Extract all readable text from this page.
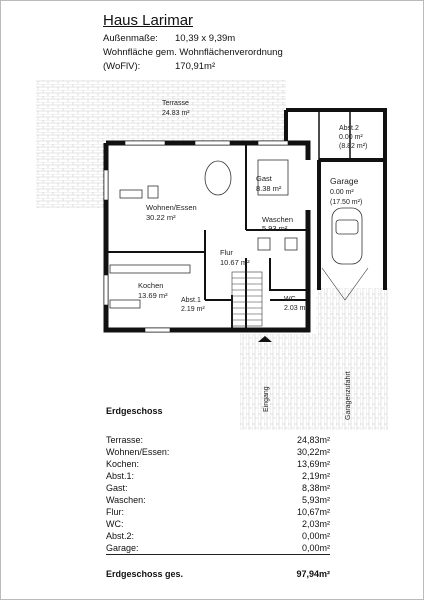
Haus Larimar
Außenmaße: 10,39 x 9,39m
Wohnfläche gem. Wohnflächenverordnung
(WoFlV):	170,91m²
Terrasse
24.83 m²
Wohnen/Essen
30.22 m²
Gast
8.38 m²
Waschen
5.93 m²
Flur
10.67 m²
Kochen
13.69 m²
Abst.1
2.19 m²
WC
2.03 m²
Abst.2
0.00 m²
(8.82 m²)
Garage
0.00 m²
(17.50 m²)
Eingang	Garagenzufahrt
Erdgeschoss
Terrasse:	24,83m²
Wohnen/Essen:	30,22m²
Kochen:	13,69m²
Abst.1:	2,19m²
Gast:	8,38m²
Waschen:	5,93m²
Flur:	10,67m²
WC:	2,03m²
Abst.2:	0,00m²
Garage:	0,00m²
Erdgeschoss ges.	97,94m²
